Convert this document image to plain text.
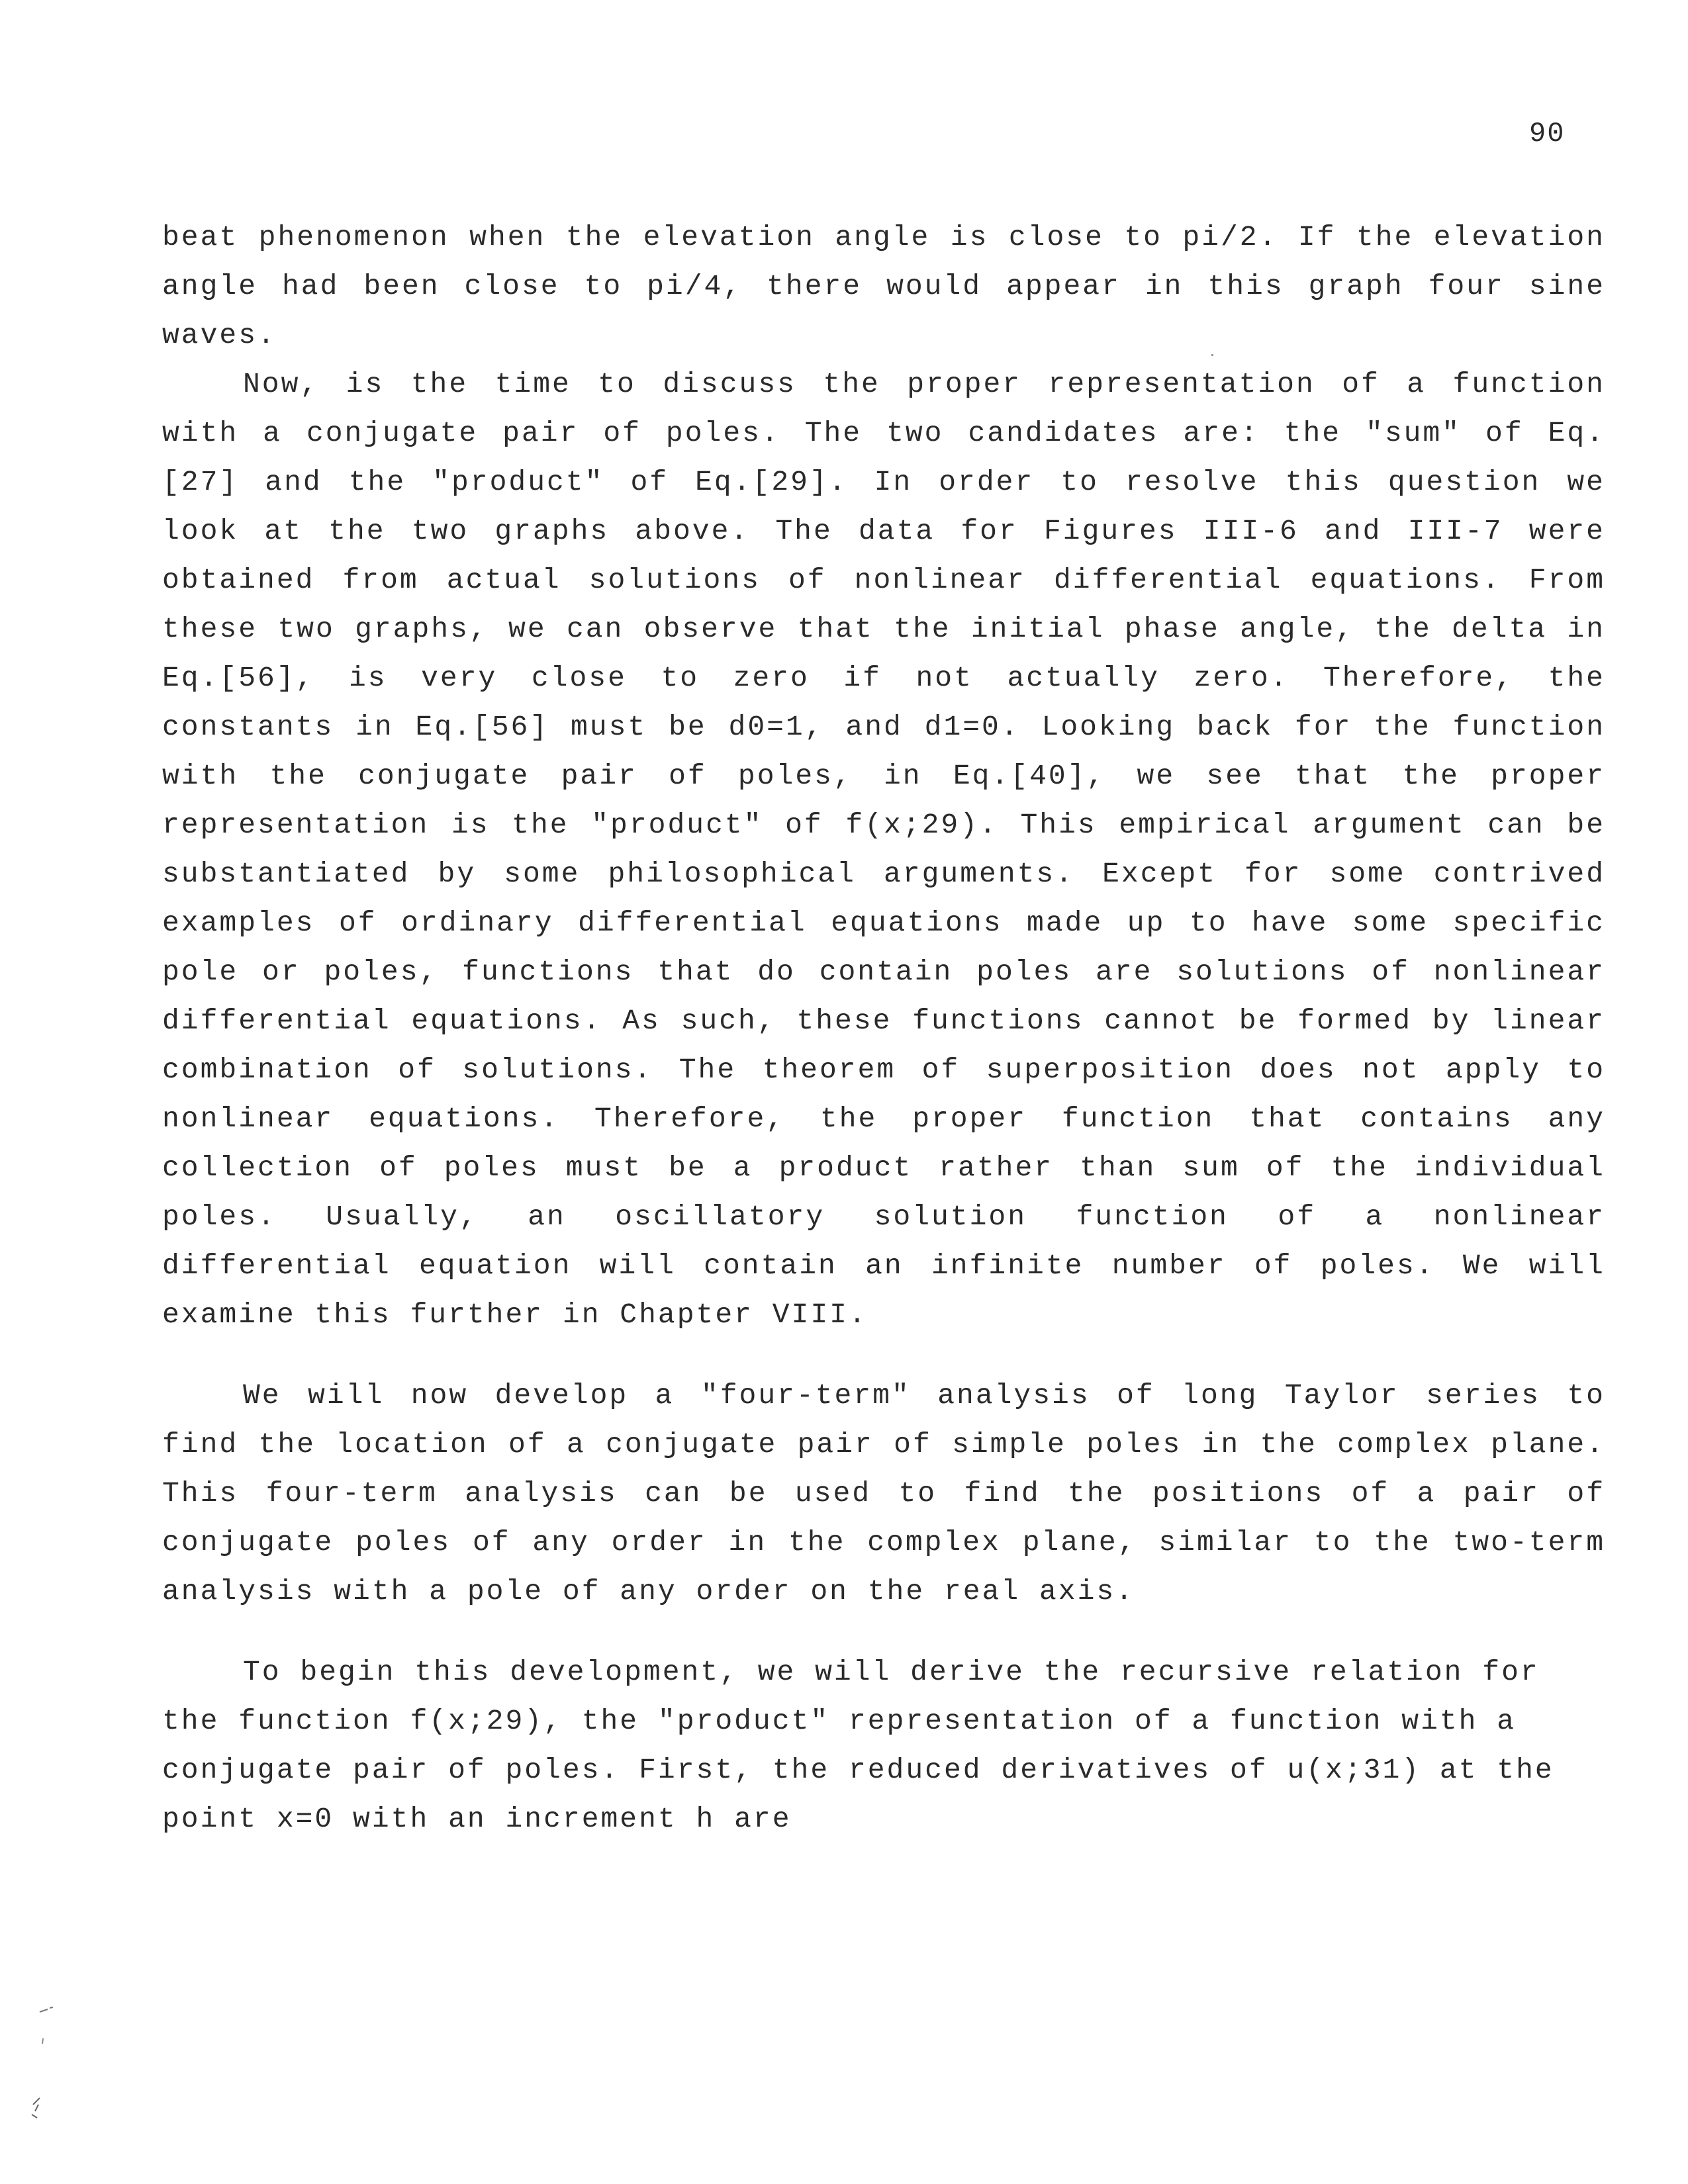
90

beat phenomenon when the elevation angle is close to pi/2. If the elevation angle had been close to pi/4, there would appear in this graph four sine waves.

Now, is the time to discuss the proper representation of a function with a conjugate pair of poles. The two candidates are: the "sum" of Eq.[27] and the "product" of Eq.[29]. In order to resolve this question we look at the two graphs above. The data for Figures III-6 and III-7 were obtained from actual solutions of nonlinear differential equations. From these two graphs, we can observe that the initial phase angle, the delta in Eq.[56], is very close to zero if not actually zero. Therefore, the constants in Eq.[56] must be d0=1, and d1=0. Looking back for the function with the conjugate pair of poles, in Eq.[40], we see that the proper representation is the "product" of f(x;29). This empirical argument can be substantiated by some philosophical arguments. Except for some contrived examples of ordinary differential equations made up to have some specific pole or poles, functions that do contain poles are solutions of nonlinear differential equations. As such, these functions cannot be formed by linear combination of solutions. The theorem of superposition does not apply to nonlinear equations. Therefore, the proper function that contains any collection of poles must be a product rather than sum of the individual poles. Usually, an oscillatory solution function of a nonlinear differential equation will contain an infinite number of poles. We will examine this further in Chapter VIII.

We will now develop a "four-term" analysis of long Taylor series to find the location of a conjugate pair of simple poles in the complex plane. This four-term analysis can be used to find the positions of a pair of conjugate poles of any order in the complex plane, similar to the two-term analysis with a pole of any order on the real axis.

To begin this development, we will derive the recursive relation for the function f(x;29), the "product" representation of a function with a conjugate pair of poles. First, the reduced derivatives of u(x;31) at the point x=0 with an increment h are
